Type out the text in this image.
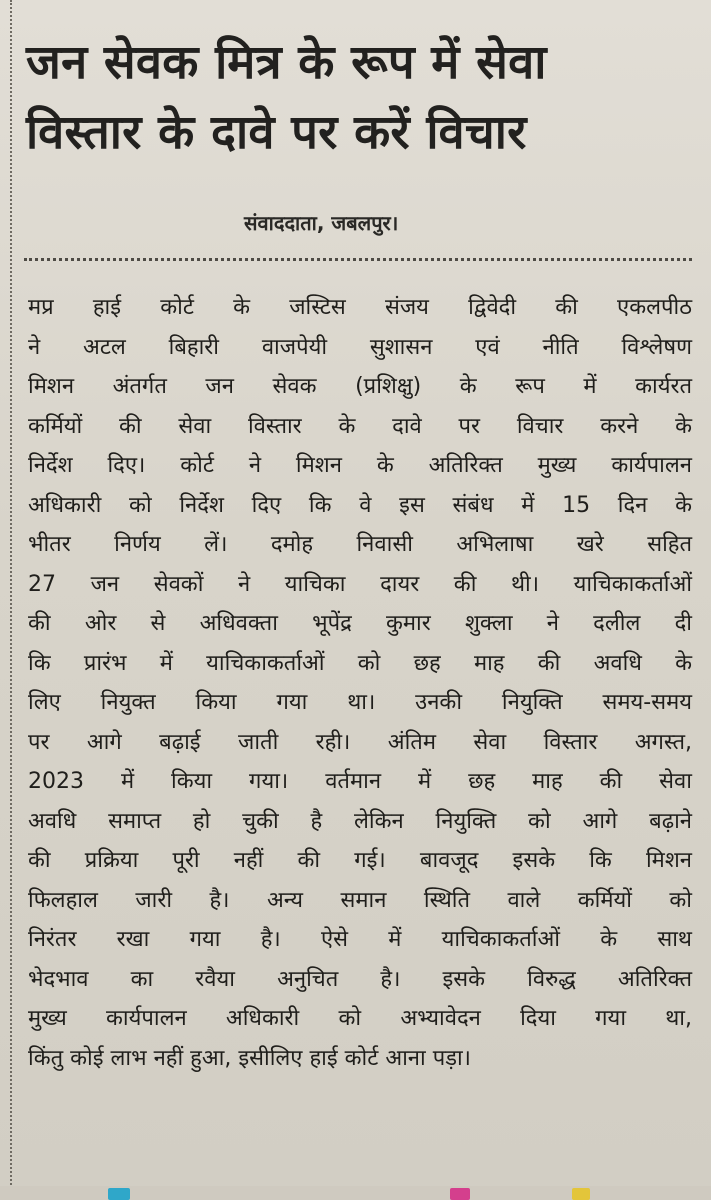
जन सेवक मित्र के रूप में सेवा
विस्तार के दावे पर करें विचार

संवाददाता, जबलपुर।

मप्र हाई कोर्ट के जस्टिस संजय द्विवेदी की एकलपीठ
ने अटल बिहारी वाजपेयी सुशासन एवं नीति विश्लेषण
मिशन अंतर्गत जन सेवक (प्रशिक्षु) के रूप में कार्यरत
कर्मियों की सेवा विस्तार के दावे पर विचार करने के
निर्देश दिए। कोर्ट ने मिशन के अतिरिक्त मुख्य कार्यपालन
अधिकारी को निर्देश दिए कि वे इस संबंध में 15 दिन के
भीतर निर्णय लें। दमोह निवासी अभिलाषा खरे सहित
27 जन सेवकों ने याचिका दायर की थी। याचिकाकर्ताओं
की ओर से अधिवक्ता भूपेंद्र कुमार शुक्ला ने दलील दी
कि प्रारंभ में याचिकाकर्ताओं को छह माह की अवधि के
लिए नियुक्त किया गया था। उनकी नियुक्ति समय-समय
पर आगे बढ़ाई जाती रही। अंतिम सेवा विस्तार अगस्त,
2023 में किया गया। वर्तमान में छह माह की सेवा
अवधि समाप्त हो चुकी है लेकिन नियुक्ति को आगे बढ़ाने
की प्रक्रिया पूरी नहीं की गई। बावजूद इसके कि मिशन
फिलहाल जारी है। अन्य समान स्थिति वाले कर्मियों को
निरंतर रखा गया है। ऐसे में याचिकाकर्ताओं के साथ
भेदभाव का रवैया अनुचित है। इसके विरुद्ध अतिरिक्त
मुख्य कार्यपालन अधिकारी को अभ्यावेदन दिया गया था,
किंतु कोई लाभ नहीं हुआ, इसीलिए हाई कोर्ट आना पड़ा।
